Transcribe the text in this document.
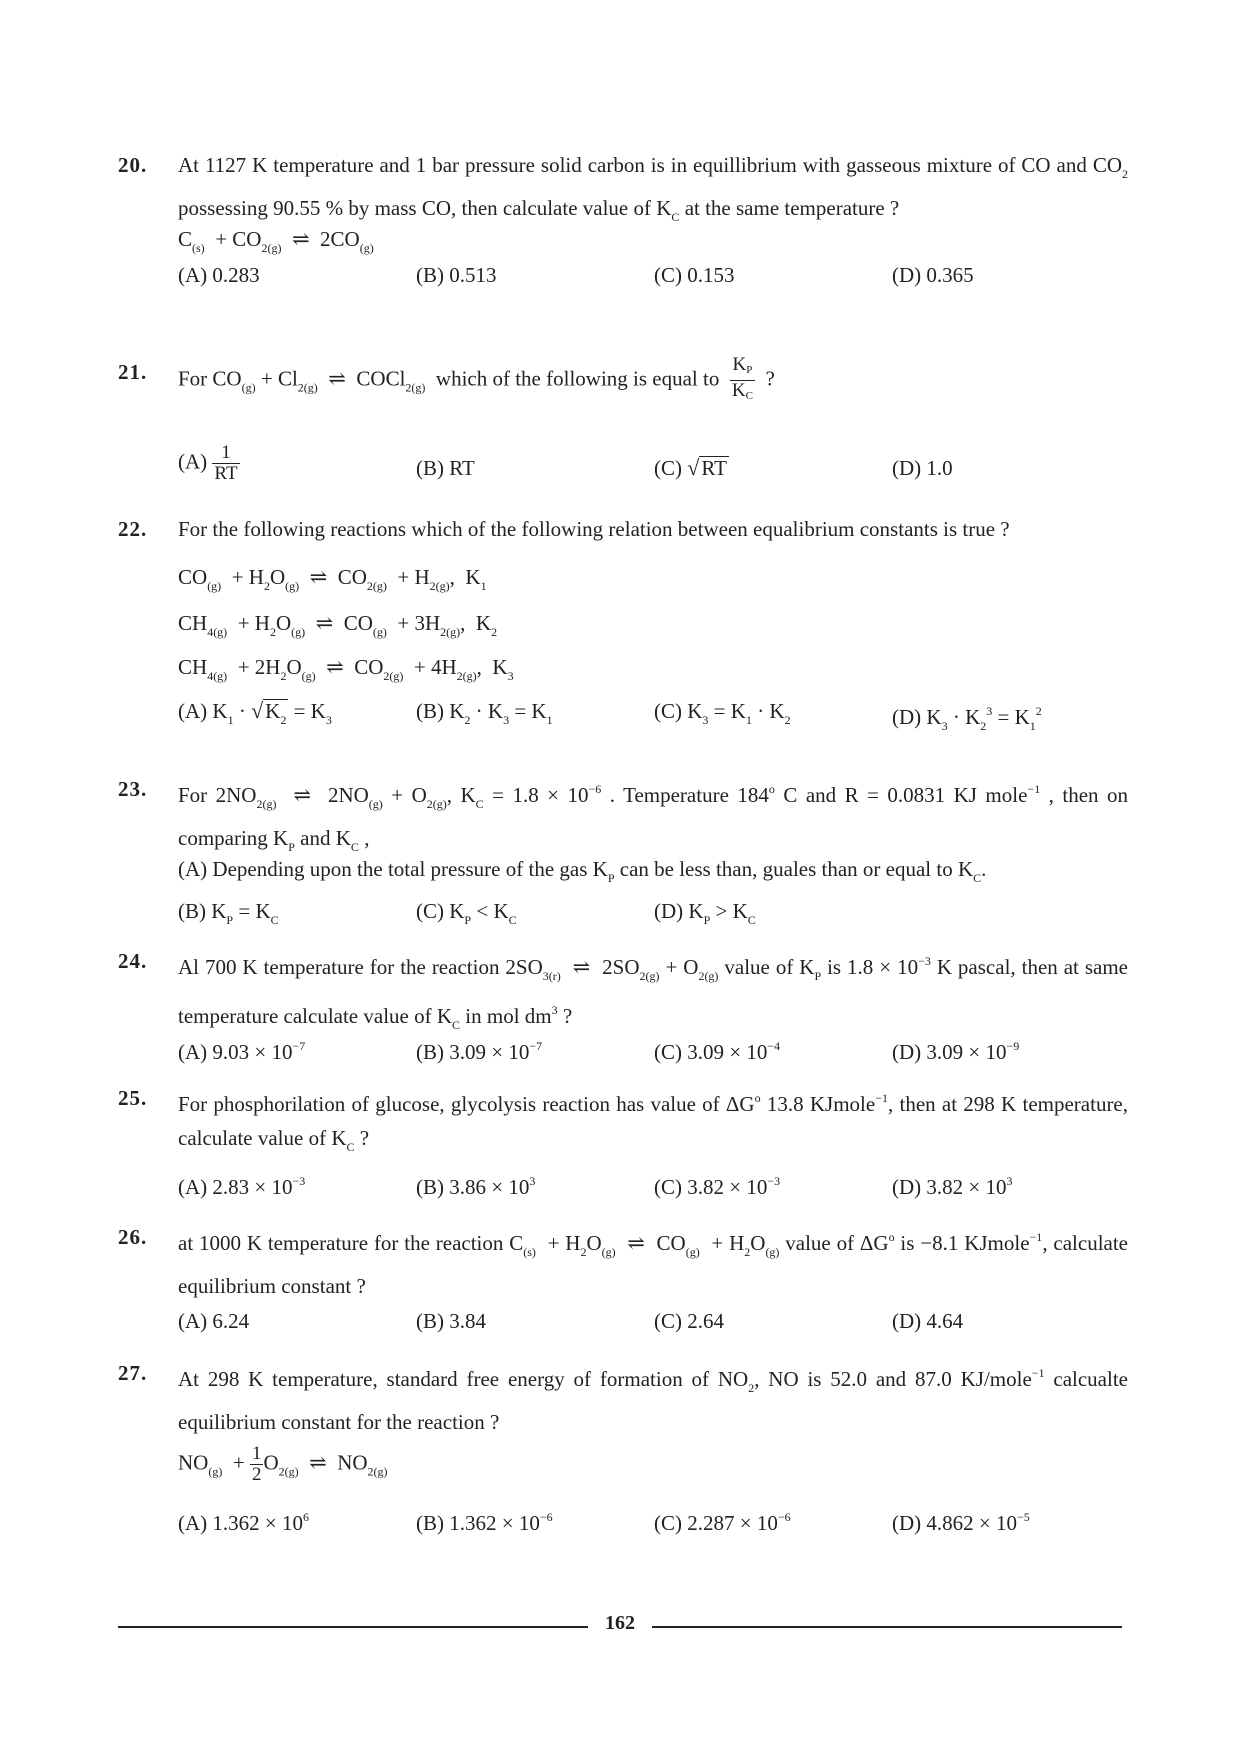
20. At 1127 K temperature and 1 bar pressure solid carbon is in equillibrium with gasseous mixture of CO and $CO_2$ possessing 90.55 % by mass CO, then calculate value of $K_C$ at the same temperature ?
$C_{(s)} + CO_{2(g)}$  ⇌  $2CO_{(g)}$
(A) 0.283	(B) 0.513	(C) 0.153	(D) 0.365
21. For $CO_{(g)} + Cl_{2(g)}$  ⇌  COCl$_{2(g)}$ which of the following is equal to $\frac{K_P}{K_C}$ ?
$(A) \frac{1}{RT}$	(B) RT	(C) √RT	(D) 1.0
22. For the following reactions which of the following relation between equalibrium constants is true ?
$CO_{(g)} + H_2O_{(g)}$  ⇌  $CO_{2(g)} + H_{2(g)}$,  $K_1$
$CH_{4(g)} + H_2O_{(g)}$  ⇌  $CO_{(g)} + 3H_{2(g)}$,  $K_2$
$CH_{4(g)} + 2H_2O_{(g)}$  ⇌  $CO_{2(g)} + 4H_{2(g)}$,  $K_3$
(A) $K_1 \cdot √K_2 = K_3$	(B) $K_2 \cdot K_3 = K_1$	(C) $K_3 = K_1 \cdot K_2$	(D) $K_3 \cdot K_2^3 = K_1^2$
23. For $2NO_{2(g)}$  ⇌  $2NO_{(g)} + O_{2(g)}$, $K_C = 1.8 \times 10^{-6}$ . Temperature 184$^o$ C and R = 0.0831 KJ mole$^{-1}$ , then on comparing $K_P$ and $K_C$ ,
(A) Depending upon the total pressure of the gas $K_P$ can be less than, guales than or equal to $K_C$.
(B) $K_P = K_C$	(C) $K_P < K_C$	(D) $K_P > K_C$
24. Al 700 K temperature for the reaction $2SO_{3(r)}$  ⇌  $2SO_{2(g)} + O_{2(g)}$ value of $K_P$ is $1.8 \times 10^{-3}$ K pascal, then at same temperature calculate value of $K_C$ in mol $dm^3$ ?
(A) $9.03 \times 10^{-7}$	(B) $3.09 \times 10^{-7}$	(C) $3.09 \times 10^{-4}$	(D) $3.09 \times 10^{-9}$
25. For phosphorilation of glucose, glycolysis reaction has value of $\Delta G^o$ 13.8 KJmole$^{-1}$, then at 298 K temperature, calculate value of $K_C$ ?
(A) $2.83 \times 10^{-3}$	(B) $3.86 \times 10^3$	(C) $3.82 \times 10^{-3}$	(D) $3.82 \times 10^3$
26. at 1000 K temperature for the reaction $C_{(s)} + H_2O_{(g)}$  ⇌  $CO_{(g)} + H_2O_{(g)}$ value of $\Delta G^o$ is −8.1 KJmole$^{-1}$, calculate equilibrium constant ?
(A) 6.24	(B) 3.84	(C) 2.64	(D) 4.64
27. At 298 K temperature, standard free energy of formation of $NO_2$, NO is 52.0 and 87.0 KJ/mole$^{-1}$ calcualte equilibrium constant for the reaction ?
$NO_{(g)} + \frac{1}{2} O_{2(g)}$  ⇌  $NO_{2(g)}$
(A) $1.362 \times 10^6$	(B) $1.362 \times 10^{-6}$	(C) $2.287 \times 10^{-6}$	(D) $4.862 \times 10^{-5}$
162
